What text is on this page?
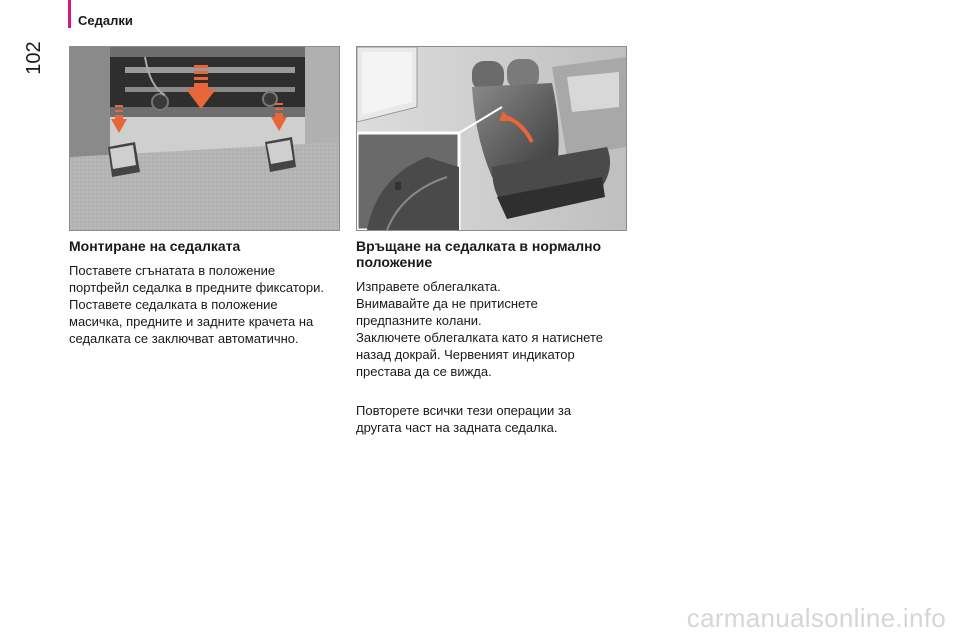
Седалки
102
Монтиране на седалката

Поставете сгънатата в положение

портфейл седалка в предните фиксатори.

Поставете седалката в положение

масичка, предните и задните крачета на

седалката се заключват автоматично.

Връщане на седалката в нормално положение

Изправете облегалката.

Внимавайте да не притиснете

предпазните колани.

Заключете облегалката като я натиснете

назад докрай. Червеният индикатор

престава да се вижда.

Повторете всички тези операции за

другата част на задната седалка.

carmanualsonline.info
